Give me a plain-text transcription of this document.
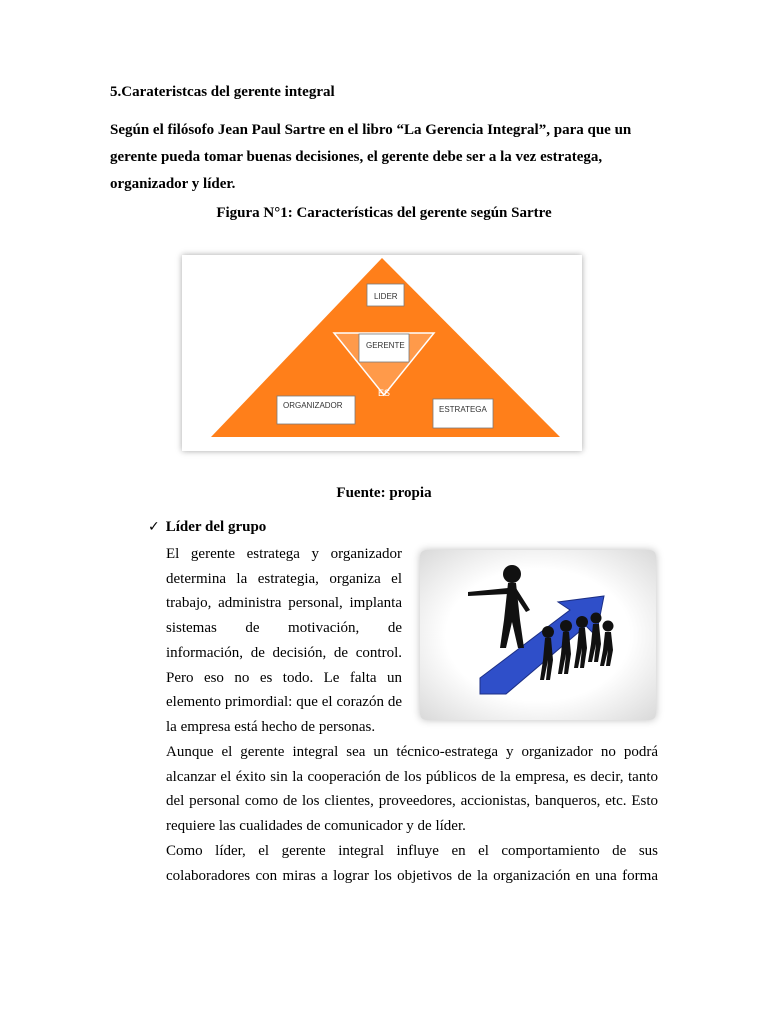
5.Carateristcas del gerente integral

Según el filósofo Jean Paul Sartre en el libro “La Gerencia Integral”, para que un
gerente pueda tomar buenas decisiones, el gerente debe ser a la vez estratega,
organizador y líder.

Figura N°1: Características del gerente según Sartre

LIDER
GERENTE
ES
ORGANIZADOR	ESTRATEGA

Fuente: propia

✓ Líder del grupo

El gerente estratega y organizador
determina la estrategia, organiza el
trabajo, administra personal, implanta
sistemas de motivación, de
información, de decisión, de control.
Pero eso no es todo. Le falta un
elemento primordial: que el corazón de
la empresa está hecho de personas.
Aunque el gerente integral sea un técnico-estratega y organizador no podrá
alcanzar el éxito sin la cooperación de los públicos de la empresa, es decir, tanto
del personal como de los clientes, proveedores, accionistas, banqueros, etc. Esto
requiere las cualidades de comunicador y de líder.
Como líder, el gerente integral influye en el comportamiento de sus
colaboradores con miras a lograr los objetivos de la organización en una forma
